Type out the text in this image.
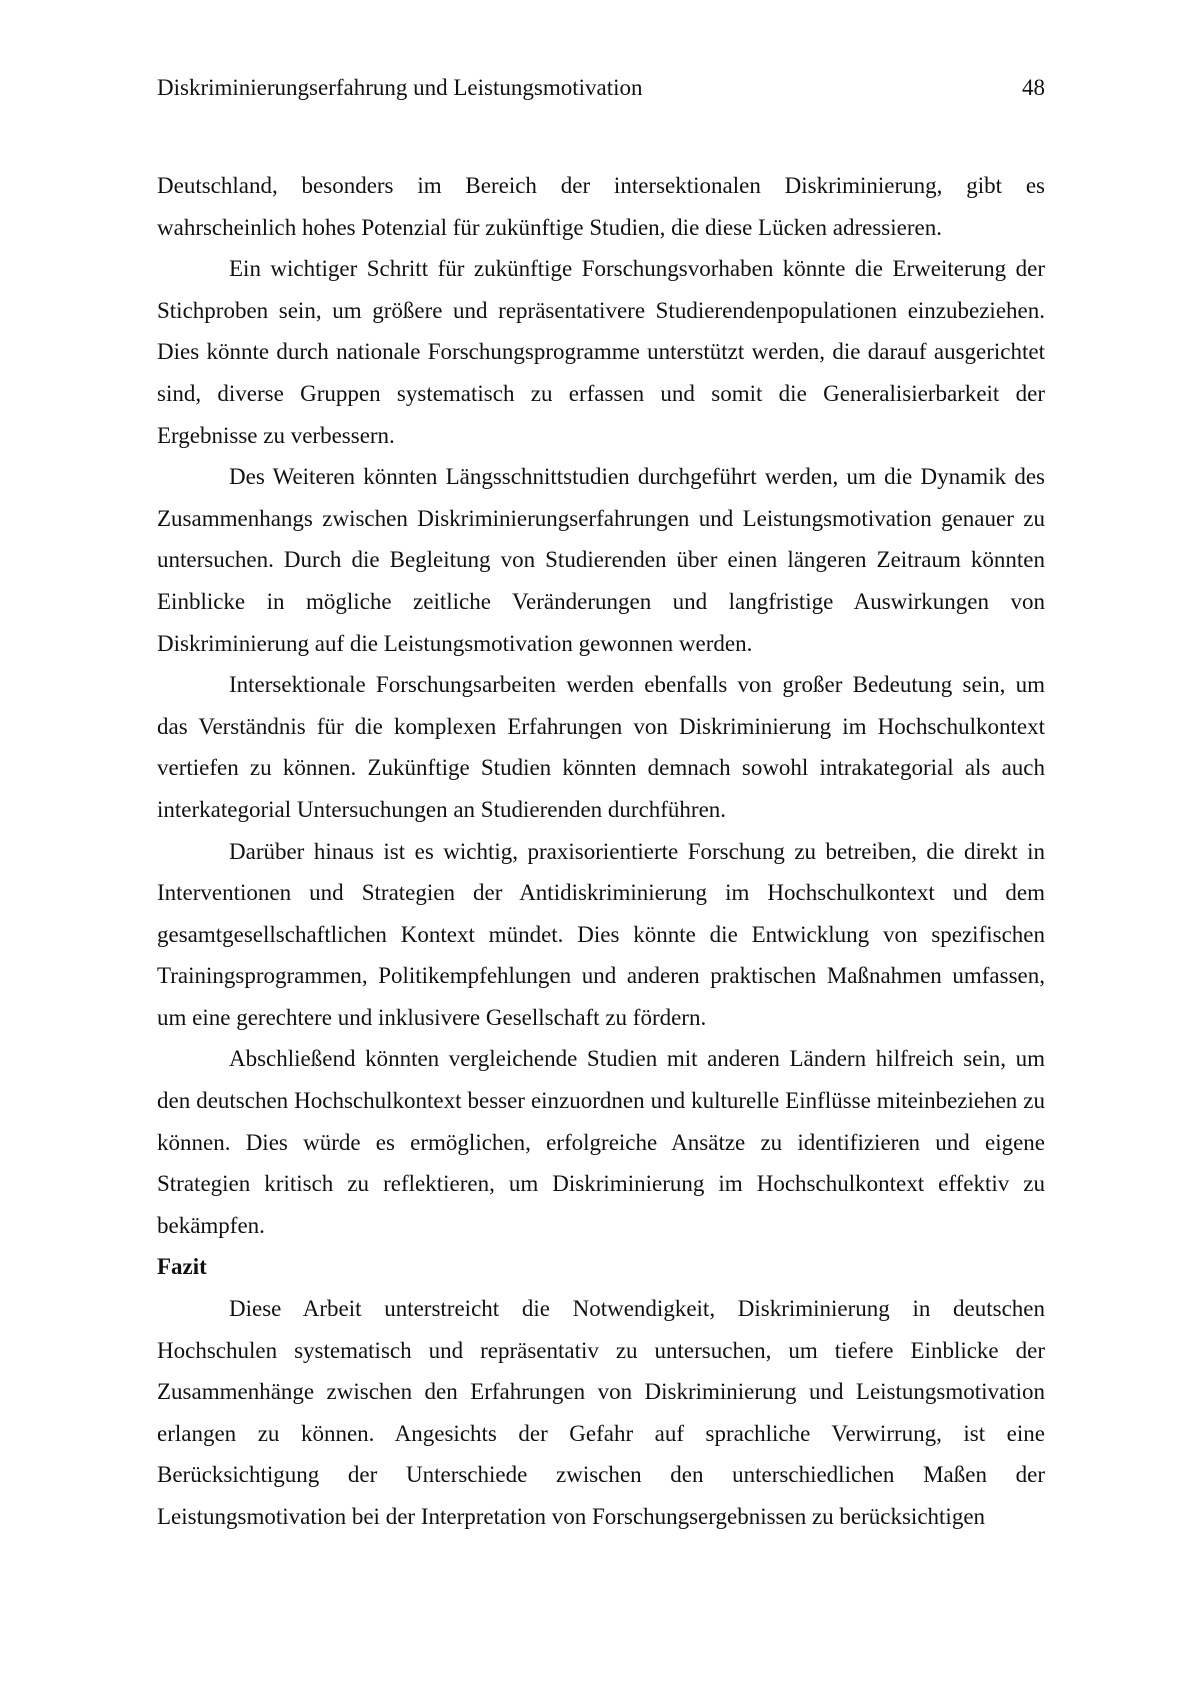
Diskriminierungserfahrung und Leistungsmotivation	48

Deutschland, besonders im Bereich der intersektionalen Diskriminierung, gibt es wahrscheinlich hohes Potenzial für zukünftige Studien, die diese Lücken adressieren.

Ein wichtiger Schritt für zukünftige Forschungsvorhaben könnte die Erweiterung der Stichproben sein, um größere und repräsentativere Studierendenpopulationen einzubeziehen. Dies könnte durch nationale Forschungsprogramme unterstützt werden, die darauf ausgerichtet sind, diverse Gruppen systematisch zu erfassen und somit die Generalisierbarkeit der Ergebnisse zu verbessern.

Des Weiteren könnten Längsschnittstudien durchgeführt werden, um die Dynamik des Zusammenhangs zwischen Diskriminierungserfahrungen und Leistungsmotivation genauer zu untersuchen. Durch die Begleitung von Studierenden über einen längeren Zeitraum könnten Einblicke in mögliche zeitliche Veränderungen und langfristige Auswirkungen von Diskriminierung auf die Leistungsmotivation gewonnen werden.

Intersektionale Forschungsarbeiten werden ebenfalls von großer Bedeutung sein, um das Verständnis für die komplexen Erfahrungen von Diskriminierung im Hochschulkontext vertiefen zu können. Zukünftige Studien könnten demnach sowohl intrakategorial als auch interkategorial Untersuchungen an Studierenden durchführen.

Darüber hinaus ist es wichtig, praxisorientierte Forschung zu betreiben, die direkt in Interventionen und Strategien der Antidiskriminierung im Hochschulkontext und dem gesamtgesellschaftlichen Kontext mündet. Dies könnte die Entwicklung von spezifischen Trainingsprogrammen, Politikempfehlungen und anderen praktischen Maßnahmen umfassen, um eine gerechtere und inklusivere Gesellschaft zu fördern.

Abschließend könnten vergleichende Studien mit anderen Ländern hilfreich sein, um den deutschen Hochschulkontext besser einzuordnen und kulturelle Einflüsse miteinbeziehen zu können. Dies würde es ermöglichen, erfolgreiche Ansätze zu identifizieren und eigene Strategien kritisch zu reflektieren, um Diskriminierung im Hochschulkontext effektiv zu bekämpfen.

Fazit

Diese Arbeit unterstreicht die Notwendigkeit, Diskriminierung in deutschen Hochschulen systematisch und repräsentativ zu untersuchen, um tiefere Einblicke der Zusammenhänge zwischen den Erfahrungen von Diskriminierung und Leistungsmotivation erlangen zu können. Angesichts der Gefahr auf sprachliche Verwirrung, ist eine Berücksichtigung der Unterschiede zwischen den unterschiedlichen Maßen der Leistungsmotivation bei der Interpretation von Forschungsergebnissen zu berücksichtigen
